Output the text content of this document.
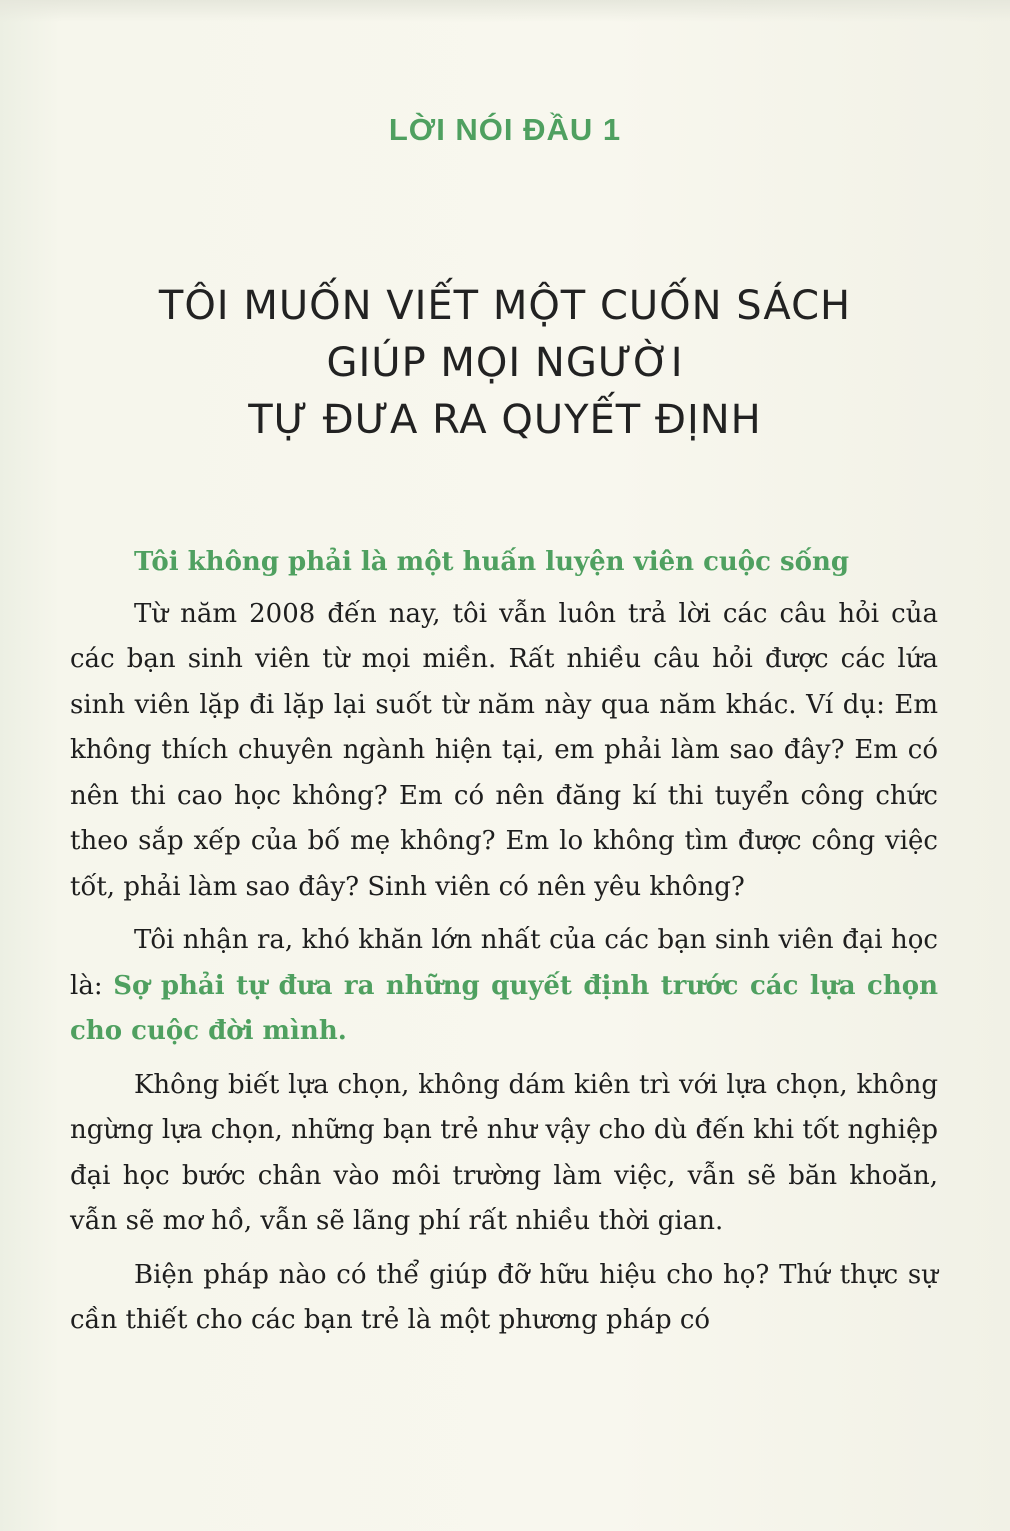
LỜI NÓI ĐẦU 1
TÔI MUỐN VIẾT MỘT CUỐN SÁCH
GIÚP MỌI NGƯỜI
TỰ ĐƯA RA QUYẾT ĐỊNH
Tôi không phải là một huấn luyện viên cuộc sống

Từ năm 2008 đến nay, tôi vẫn luôn trả lời các câu hỏi của các bạn sinh viên từ mọi miền. Rất nhiều câu hỏi được các lứa sinh viên lặp đi lặp lại suốt từ năm này qua năm khác. Ví dụ: Em không thích chuyên ngành hiện tại, em phải làm sao đây? Em có nên thi cao học không? Em có nên đăng kí thi tuyển công chức theo sắp xếp của bố mẹ không? Em lo không tìm được công việc tốt, phải làm sao đây? Sinh viên có nên yêu không?

Tôi nhận ra, khó khăn lớn nhất của các bạn sinh viên đại học là: Sợ phải tự đưa ra những quyết định trước các lựa chọn cho cuộc đời mình.

Không biết lựa chọn, không dám kiên trì với lựa chọn, không ngừng lựa chọn, những bạn trẻ như vậy cho dù đến khi tốt nghiệp đại học bước chân vào môi trường làm việc, vẫn sẽ băn khoăn, vẫn sẽ mơ hồ, vẫn sẽ lãng phí rất nhiều thời gian.

Biện pháp nào có thể giúp đỡ hữu hiệu cho họ? Thứ thực sự cần thiết cho các bạn trẻ là một phương pháp có
